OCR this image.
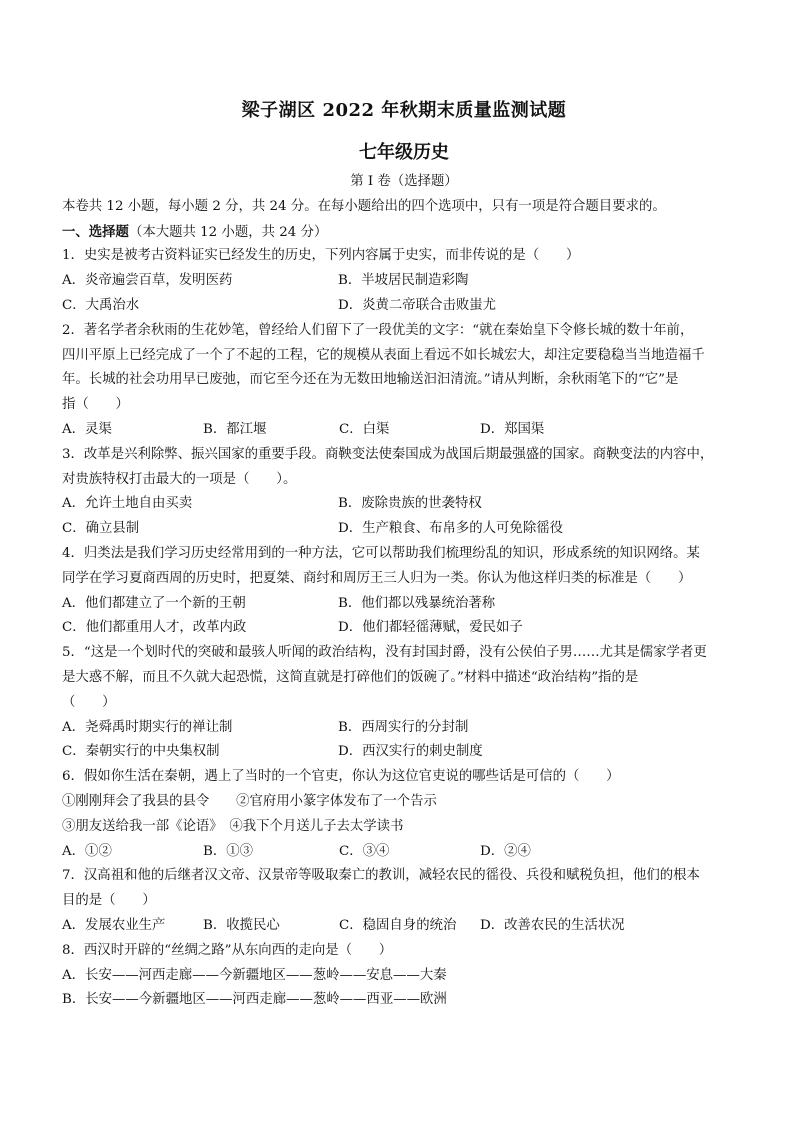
梁子湖区 2022 年秋期末质量监测试题
七年级历史
第 I 卷（选择题）
本卷共 12 小题，每小题 2 分，共 24 分。在每小题给出的四个选项中，只有一项是符合题目要求的。
一、选择题（本大题共 12 小题，共 24 分）
1．史实是被考古资料证实已经发生的历史，下列内容属于史实，而非传说的是（　　）
A．炎帝遍尝百草，发明医药	B．半坡居民制造彩陶
C．大禹治水	D．炎黄二帝联合击败蚩尤
2．著名学者余秋雨的生花妙笔，曾经给人们留下了一段优美的文字：“就在秦始皇下令修长城的数十年前，
四川平原上已经完成了一个了不起的工程，它的规模从表面上看远不如长城宏大，却注定要稳稳当当地造福千
年。长城的社会功用早已废弛，而它至今还在为无数田地输送汩汩清流。”请从判断，余秋雨笔下的“它”是
指（　　）
A．灵渠	B．都江堰	C．白渠	D．郑国渠
3．改革是兴利除弊、振兴国家的重要手段。商鞅变法使秦国成为战国后期最强盛的国家。商鞅变法的内容中，
对贵族特权打击最大的一项是（　　）。
A．允许土地自由买卖	B．废除贵族的世袭特权
C．确立县制	D．生产粮食、布帛多的人可免除徭役
4．归类法是我们学习历史经常用到的一种方法，它可以帮助我们梳理纷乱的知识，形成系统的知识网络。某
同学在学习夏商西周的历史时，把夏桀、商纣和周厉王三人归为一类。你认为他这样归类的标准是（　　）
A．他们都建立了一个新的王朝	B．他们都以残暴统治著称
C．他们都重用人才，改革内政	D．他们都轻徭薄赋，爱民如子
5．“这是一个划时代的突破和最骇人听闻的政治结构，没有封国封爵，没有公侯伯子男……尤其是儒家学者更
是大惑不解，而且不久就大起恐慌，这简直就是打碎他们的饭碗了。”材料中描述“政治结构”指的是
（　　）
A．尧舜禹时期实行的禅让制	B．西周实行的分封制
C．秦朝实行的中央集权制	D．西汉实行的刺史制度
6．假如你生活在秦朝，遇上了当时的一个官吏，你认为这位官吏说的哪些话是可信的（　　）
①刚刚拜会了我县的县令　　②官府用小篆字体发布了一个告示
③朋友送给我一部《论语》　④我下个月送儿子去太学读书
A．①②	B．①③	C．③④	D．②④
7．汉高祖和他的后继者汉文帝、汉景帝等吸取秦亡的教训，减轻农民的徭役、兵役和赋税负担，他们的根本
目的是（　　）
A．发展农业生产	B．收揽民心	C．稳固自身的统治	D．改善农民的生活状况
8．西汉时开辟的“丝绸之路”从东向西的走向是（　　）
A．长安——河西走廊——今新疆地区——葱岭——安息——大秦
B．长安——今新疆地区——河西走廊——葱岭——西亚——欧洲
